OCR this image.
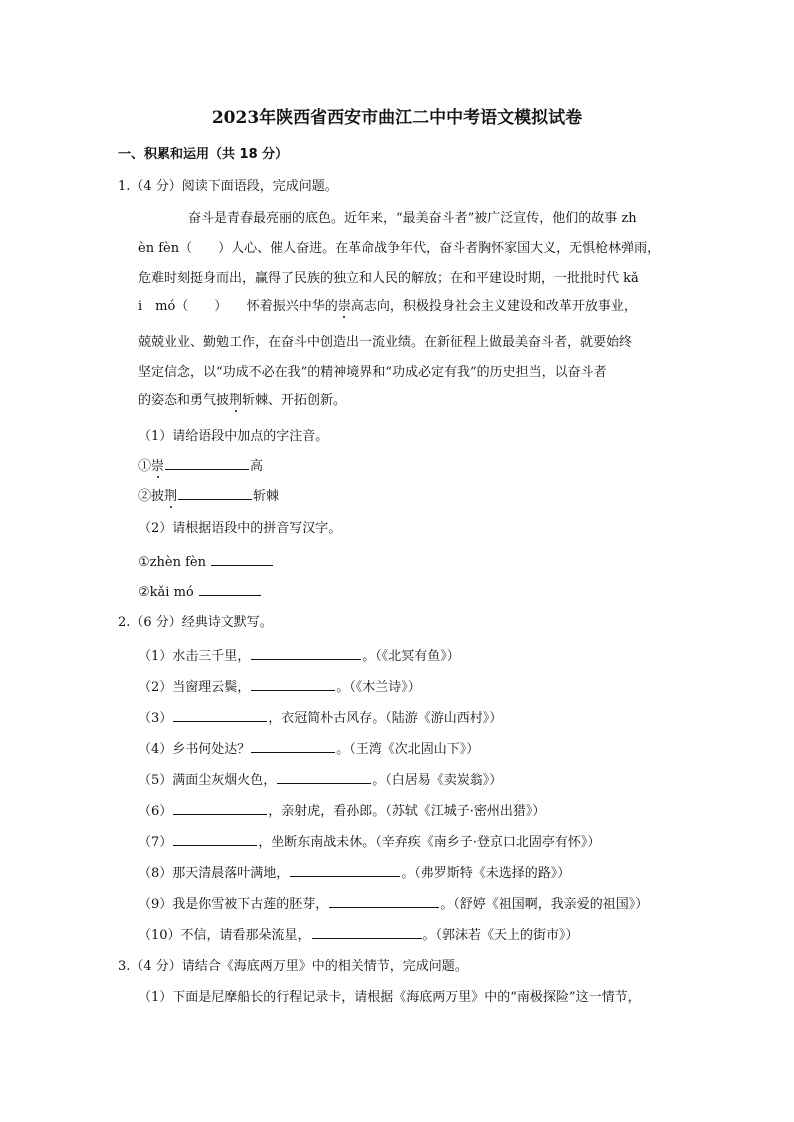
2023年陕西省西安市曲江二中中考语文模拟试卷
一、积累和运用（共 18 分）
1.（4 分）阅读下面语段，完成问题。
奋斗是青春最亮丽的底色。近年来，“最美奋斗者”被广泛宣传，他们的故事 zh
èn fèn（　　）人心、催人奋进。在革命战争年代，奋斗者胸怀家国大义，无惧枪林弹雨，
危难时刻挺身而出，赢得了民族的独立和人民的解放；在和平建设时期，一批批时代 kǎ
i　mó（　　）　　怀着振兴中华的崇高志向，积极投身社会主义建设和改革开放事业，
兢兢业业、勤勉工作，在奋斗中创造出一流业绩。在新征程上做最美奋斗者，就要始终
坚定信念，以“功成不必在我”的精神境界和“功成必定有我”的历史担当，以奋斗者
的姿态和勇气披荆斩棘、开拓创新。
（1）请给语段中加点的字注音。
①崇	高
②披荆	斩棘
（2）请根据语段中的拼音写汉字。
①zhèn fèn
②kǎi mó
2.（6 分）经典诗文默写。
（1）水击三千里，	。（《北冥有鱼》）
（2）当窗理云鬓，	。（《木兰诗》）
（3）	，衣冠简朴古风存。（陆游《游山西村》）
（4）乡书何处达？	。（王湾《次北固山下》）
（5）满面尘灰烟火色，	。（白居易《卖炭翁》）
（6）	，亲射虎，看孙郎。（苏轼《江城子·密州出猎》）
（7）	，坐断东南战未休。（辛弃疾《南乡子·登京口北固亭有怀》）
（8）那天清晨落叶满地，	。（弗罗斯特《未选择的路》）
（9）我是你雪被下古莲的胚芽，	。（舒婷《祖国啊，我亲爱的祖国》）
（10）不信，请看那朵流星，	。（郭沫若《天上的街市》）
3.（4 分）请结合《海底两万里》中的相关情节，完成问题。
（1）下面是尼摩船长的行程记录卡，请根据《海底两万里》中的“南极探险”这一情节，
